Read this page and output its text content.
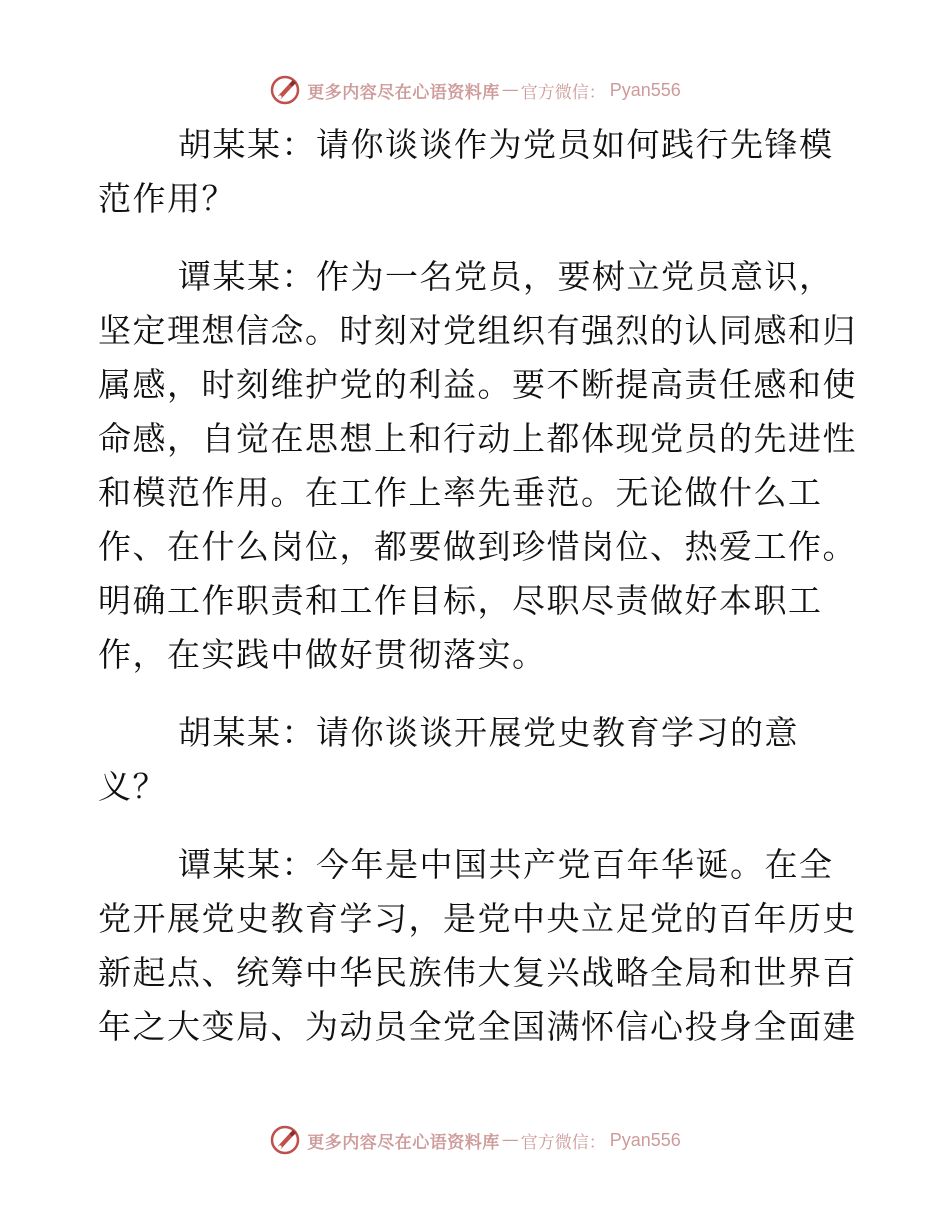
更多内容尽在心语资料库 — 官方微信： Pyan556
胡某某：请你谈谈作为党员如何践行先锋模
范作用？
谭某某：作为一名党员，要树立党员意识，
坚定理想信念。时刻对党组织有强烈的认同感和归
属感，时刻维护党的利益。要不断提高责任感和使
命感，自觉在思想上和行动上都体现党员的先进性
和模范作用。在工作上率先垂范。无论做什么工
作、在什么岗位，都要做到珍惜岗位、热爱工作。
明确工作职责和工作目标，尽职尽责做好本职工
作，在实践中做好贯彻落实。
胡某某：请你谈谈开展党史教育学习的意
义？
谭某某：今年是中国共产党百年华诞。在全
党开展党史教育学习，是党中央立足党的百年历史
新起点、统筹中华民族伟大复兴战略全局和世界百
年之大变局、为动员全党全国满怀信心投身全面建
更多内容尽在心语资料库 — 官方微信： Pyan556
